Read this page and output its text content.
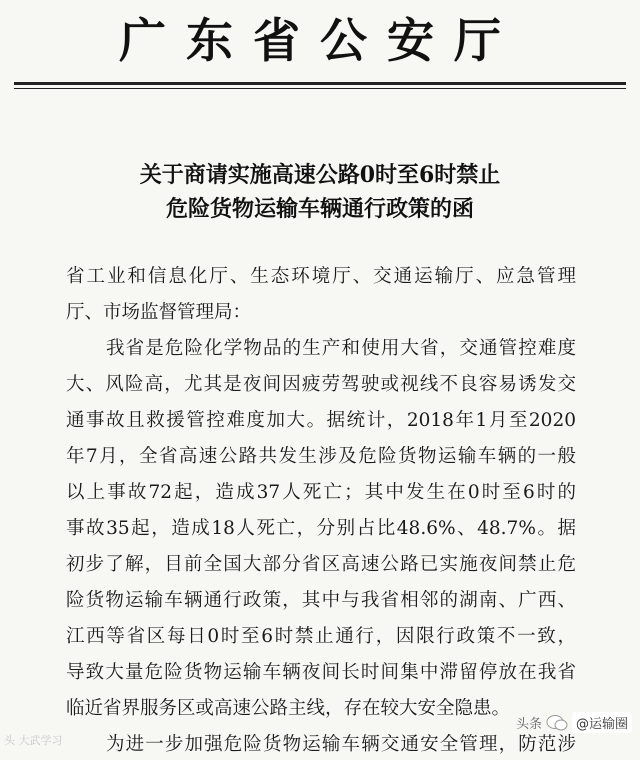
广东省公安厅
关于商请实施高速公路0时至6时禁止
危险货物运输车辆通行政策的函
省工业和信息化厅、生态环境厅、交通运输厅、应急管理
厅、市场监督管理局：
我省是危险化学物品的生产和使用大省，交通管控难度
大、风险高，尤其是夜间因疲劳驾驶或视线不良容易诱发交
通事故且救援管控难度加大。据统计，2018年1月至2020
年7月，全省高速公路共发生涉及危险货物运输车辆的一般
以上事故72起，造成37人死亡；其中发生在0时至6时的
事故35起，造成18人死亡，分别占比48.6%、48.7%。据
初步了解，目前全国大部分省区高速公路已实施夜间禁止危
险货物运输车辆通行政策，其中与我省相邻的湖南、广西、
江西等省区每日0时至6时禁止通行，因限行政策不一致，
导致大量危险货物运输车辆夜间长时间集中滞留停放在我省
临近省界服务区或高速公路主线，存在较大安全隐患。
为进一步加强危险货物运输车辆交通安全管理，防范涉
头 大武学习
头条	@运输圈
